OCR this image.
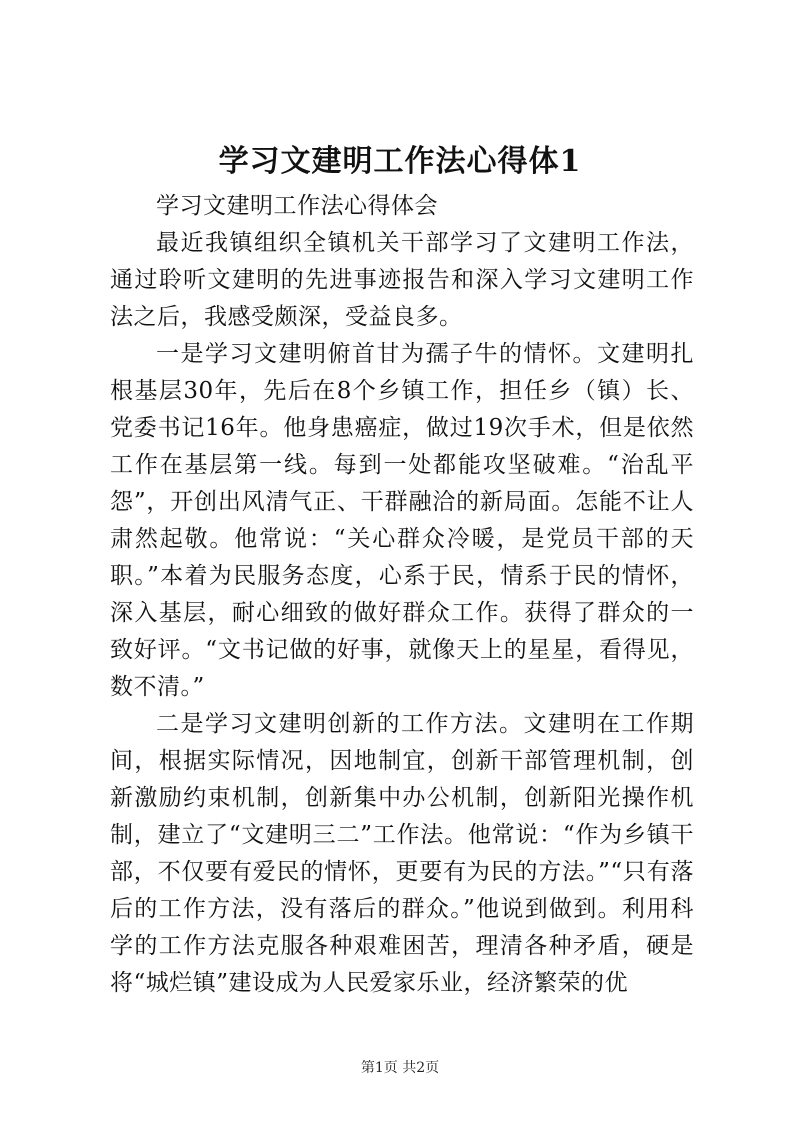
学习文建明工作法心得体1

学习文建明工作法心得体会

最近我镇组织全镇机关干部学习了文建明工作法，通过聆听文建明的先进事迹报告和深入学习文建明工作法之后，我感受颇深，受益良多。

一是学习文建明俯首甘为孺子牛的情怀。文建明扎根基层30年，先后在8个乡镇工作，担任乡（镇）长、党委书记16年。他身患癌症，做过19次手术，但是依然工作在基层第一线。每到一处都能攻坚破难。“治乱平怨”，开创出风清气正、干群融洽的新局面。怎能不让人肃然起敬。他常说：“关心群众冷暖，是党员干部的天职。”本着为民服务态度，心系于民，情系于民的情怀，深入基层，耐心细致的做好群众工作。获得了群众的一致好评。“文书记做的好事，就像天上的星星，看得见，数不清。”

二是学习文建明创新的工作方法。文建明在工作期间，根据实际情况，因地制宜，创新干部管理机制，创新激励约束机制，创新集中办公机制，创新阳光操作机制，建立了“文建明三二”工作法。他常说：“作为乡镇干部，不仅要有爱民的情怀，更要有为民的方法。”“只有落后的工作方法，没有落后的群众。”他说到做到。利用科学的工作方法克服各种艰难困苦，理清各种矛盾，硬是将“城烂镇”建设成为人民爱家乐业，经济繁荣的优

第1页 共2页
